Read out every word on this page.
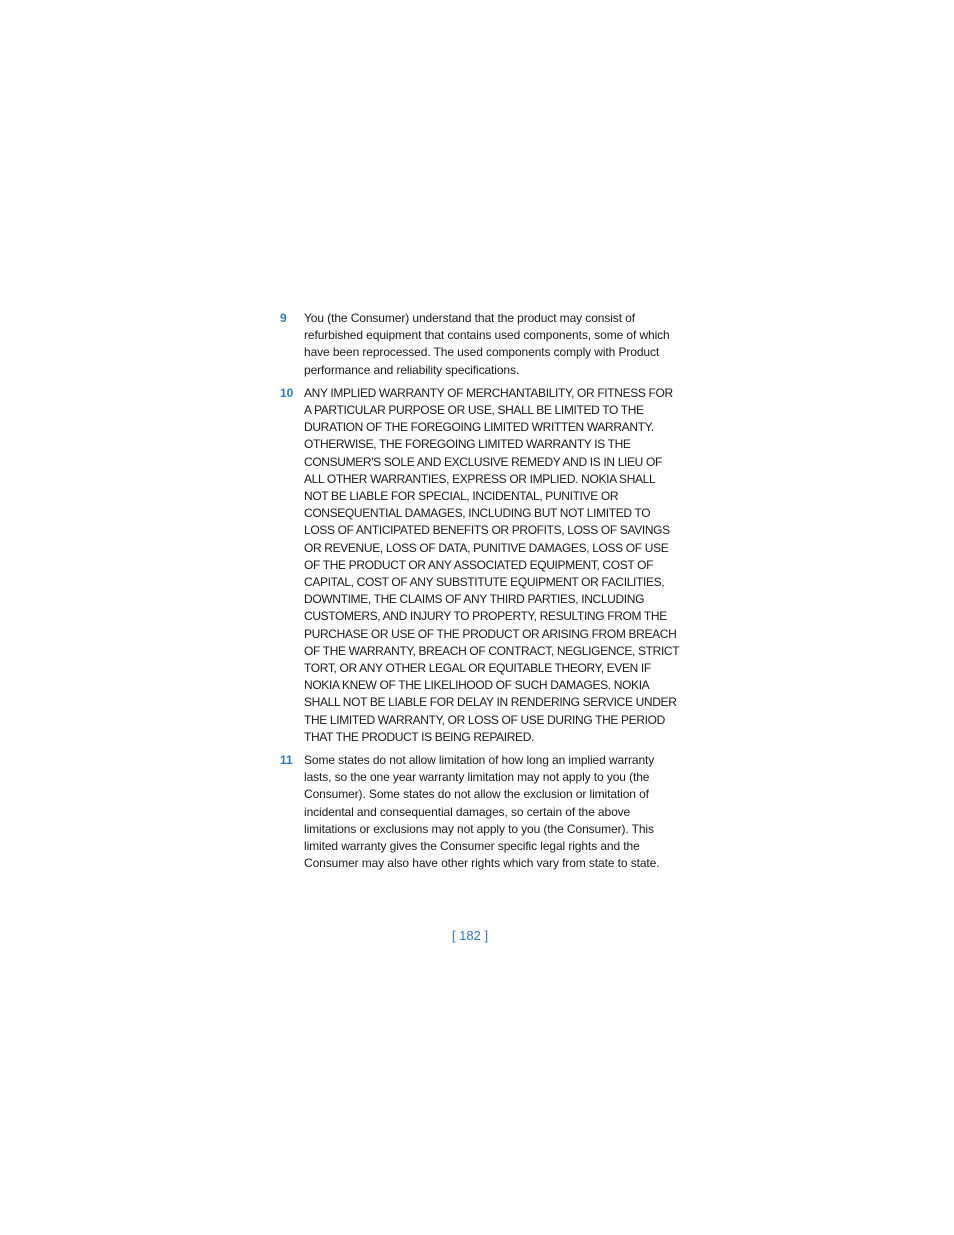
9	You (the Consumer) understand that the product may consist of refurbished equipment that contains used components, some of which have been reprocessed. The used components comply with Product performance and reliability specifications.
10 ANY IMPLIED WARRANTY OF MERCHANTABILITY, OR FITNESS FOR A PARTICULAR PURPOSE OR USE, SHALL BE LIMITED TO THE DURATION OF THE FOREGOING LIMITED WRITTEN WARRANTY. OTHERWISE, THE FOREGOING LIMITED WARRANTY IS THE CONSUMER'S SOLE AND EXCLUSIVE REMEDY AND IS IN LIEU OF ALL OTHER WARRANTIES, EXPRESS OR IMPLIED. NOKIA SHALL NOT BE LIABLE FOR SPECIAL, INCIDENTAL, PUNITIVE OR CONSEQUENTIAL DAMAGES, INCLUDING BUT NOT LIMITED TO LOSS OF ANTICIPATED BENEFITS OR PROFITS, LOSS OF SAVINGS OR REVENUE, LOSS OF DATA, PUNITIVE DAMAGES, LOSS OF USE OF THE PRODUCT OR ANY ASSOCIATED EQUIPMENT, COST OF CAPITAL, COST OF ANY SUBSTITUTE EQUIPMENT OR FACILITIES, DOWNTIME, THE CLAIMS OF ANY THIRD PARTIES, INCLUDING CUSTOMERS, AND INJURY TO PROPERTY, RESULTING FROM THE PURCHASE OR USE OF THE PRODUCT OR ARISING FROM BREACH OF THE WARRANTY, BREACH OF CONTRACT, NEGLIGENCE, STRICT TORT, OR ANY OTHER LEGAL OR EQUITABLE THEORY, EVEN IF NOKIA KNEW OF THE LIKELIHOOD OF SUCH DAMAGES. NOKIA SHALL NOT BE LIABLE FOR DELAY IN RENDERING SERVICE UNDER THE LIMITED WARRANTY, OR LOSS OF USE DURING THE PERIOD THAT THE PRODUCT IS BEING REPAIRED.
11 Some states do not allow limitation of how long an implied warranty lasts, so the one year warranty limitation may not apply to you (the Consumer). Some states do not allow the exclusion or limitation of incidental and consequential damages, so certain of the above limitations or exclusions may not apply to you (the Consumer). This limited warranty gives the Consumer specific legal rights and the Consumer may also have other rights which vary from state to state.
[ 182 ]
